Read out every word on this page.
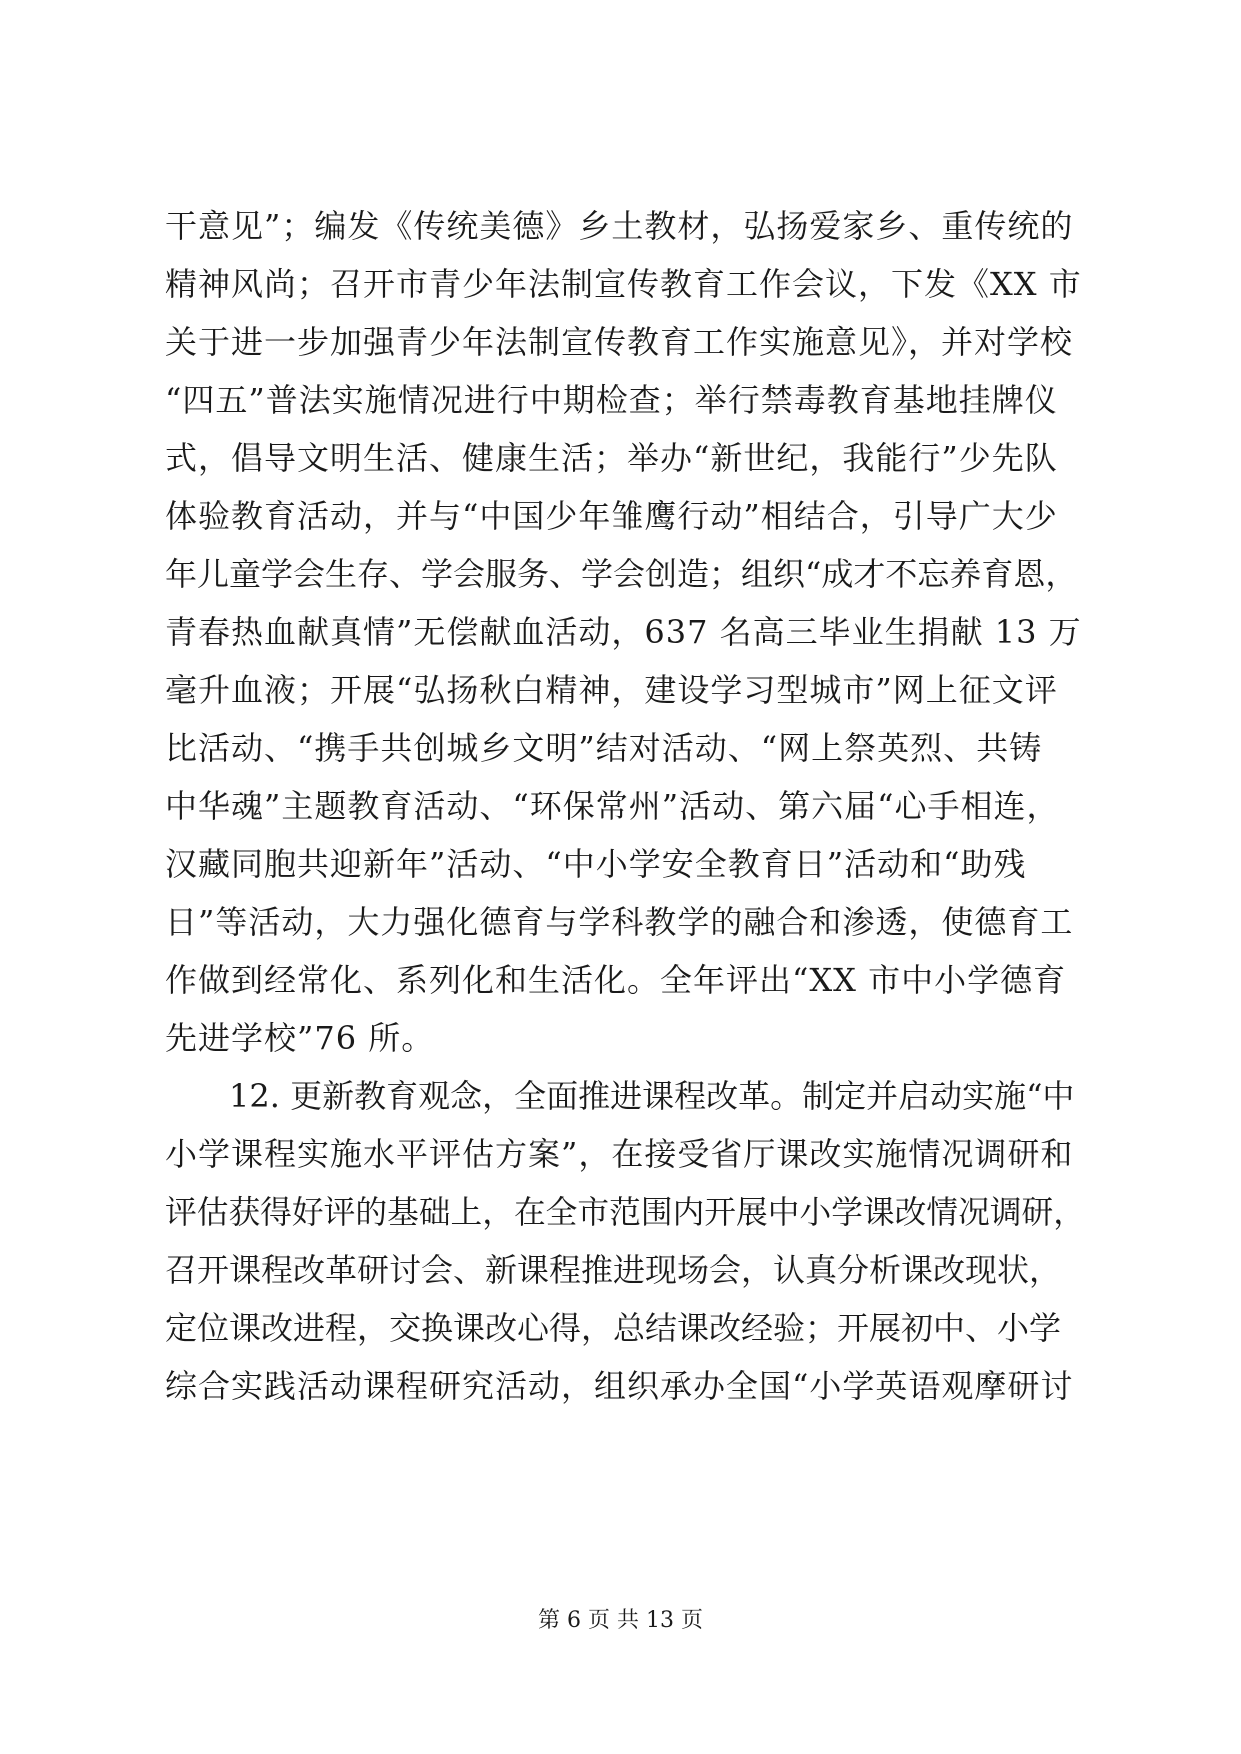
干意见”；编发《传统美德》乡土教材，弘扬爱家乡、重传统的
精神风尚；召开市青少年法制宣传教育工作会议，下发《XX 市
关于进一步加强青少年法制宣传教育工作实施意见》，并对学校
“四五”普法实施情况进行中期检查；举行禁毒教育基地挂牌仪
式，倡导文明生活、健康生活；举办“新世纪，我能行”少先队
体验教育活动，并与“中国少年雏鹰行动”相结合，引导广大少
年儿童学会生存、学会服务、学会创造；组织“成才不忘养育恩，
青春热血献真情”无偿献血活动，637 名高三毕业生捐献 13 万
毫升血液；开展“弘扬秋白精神，建设学习型城市”网上征文评
比活动、“携手共创城乡文明”结对活动、“网上祭英烈、共铸
中华魂”主题教育活动、“环保常州”活动、第六届“心手相连，
汉藏同胞共迎新年”活动、“中小学安全教育日”活动和“助残
日”等活动，大力强化德育与学科教学的融合和渗透，使德育工
作做到经常化、系列化和生活化。全年评出“XX 市中小学德育
先进学校”76 所。
12. 更新教育观念，全面推进课程改革。制定并启动实施“中
小学课程实施水平评估方案”，在接受省厅课改实施情况调研和
评估获得好评的基础上，在全市范围内开展中小学课改情况调研，
召开课程改革研讨会、新课程推进现场会，认真分析课改现状，
定位课改进程，交换课改心得，总结课改经验；开展初中、小学
综合实践活动课程研究活动，组织承办全国“小学英语观摩研讨
第 6 页 共 13 页
